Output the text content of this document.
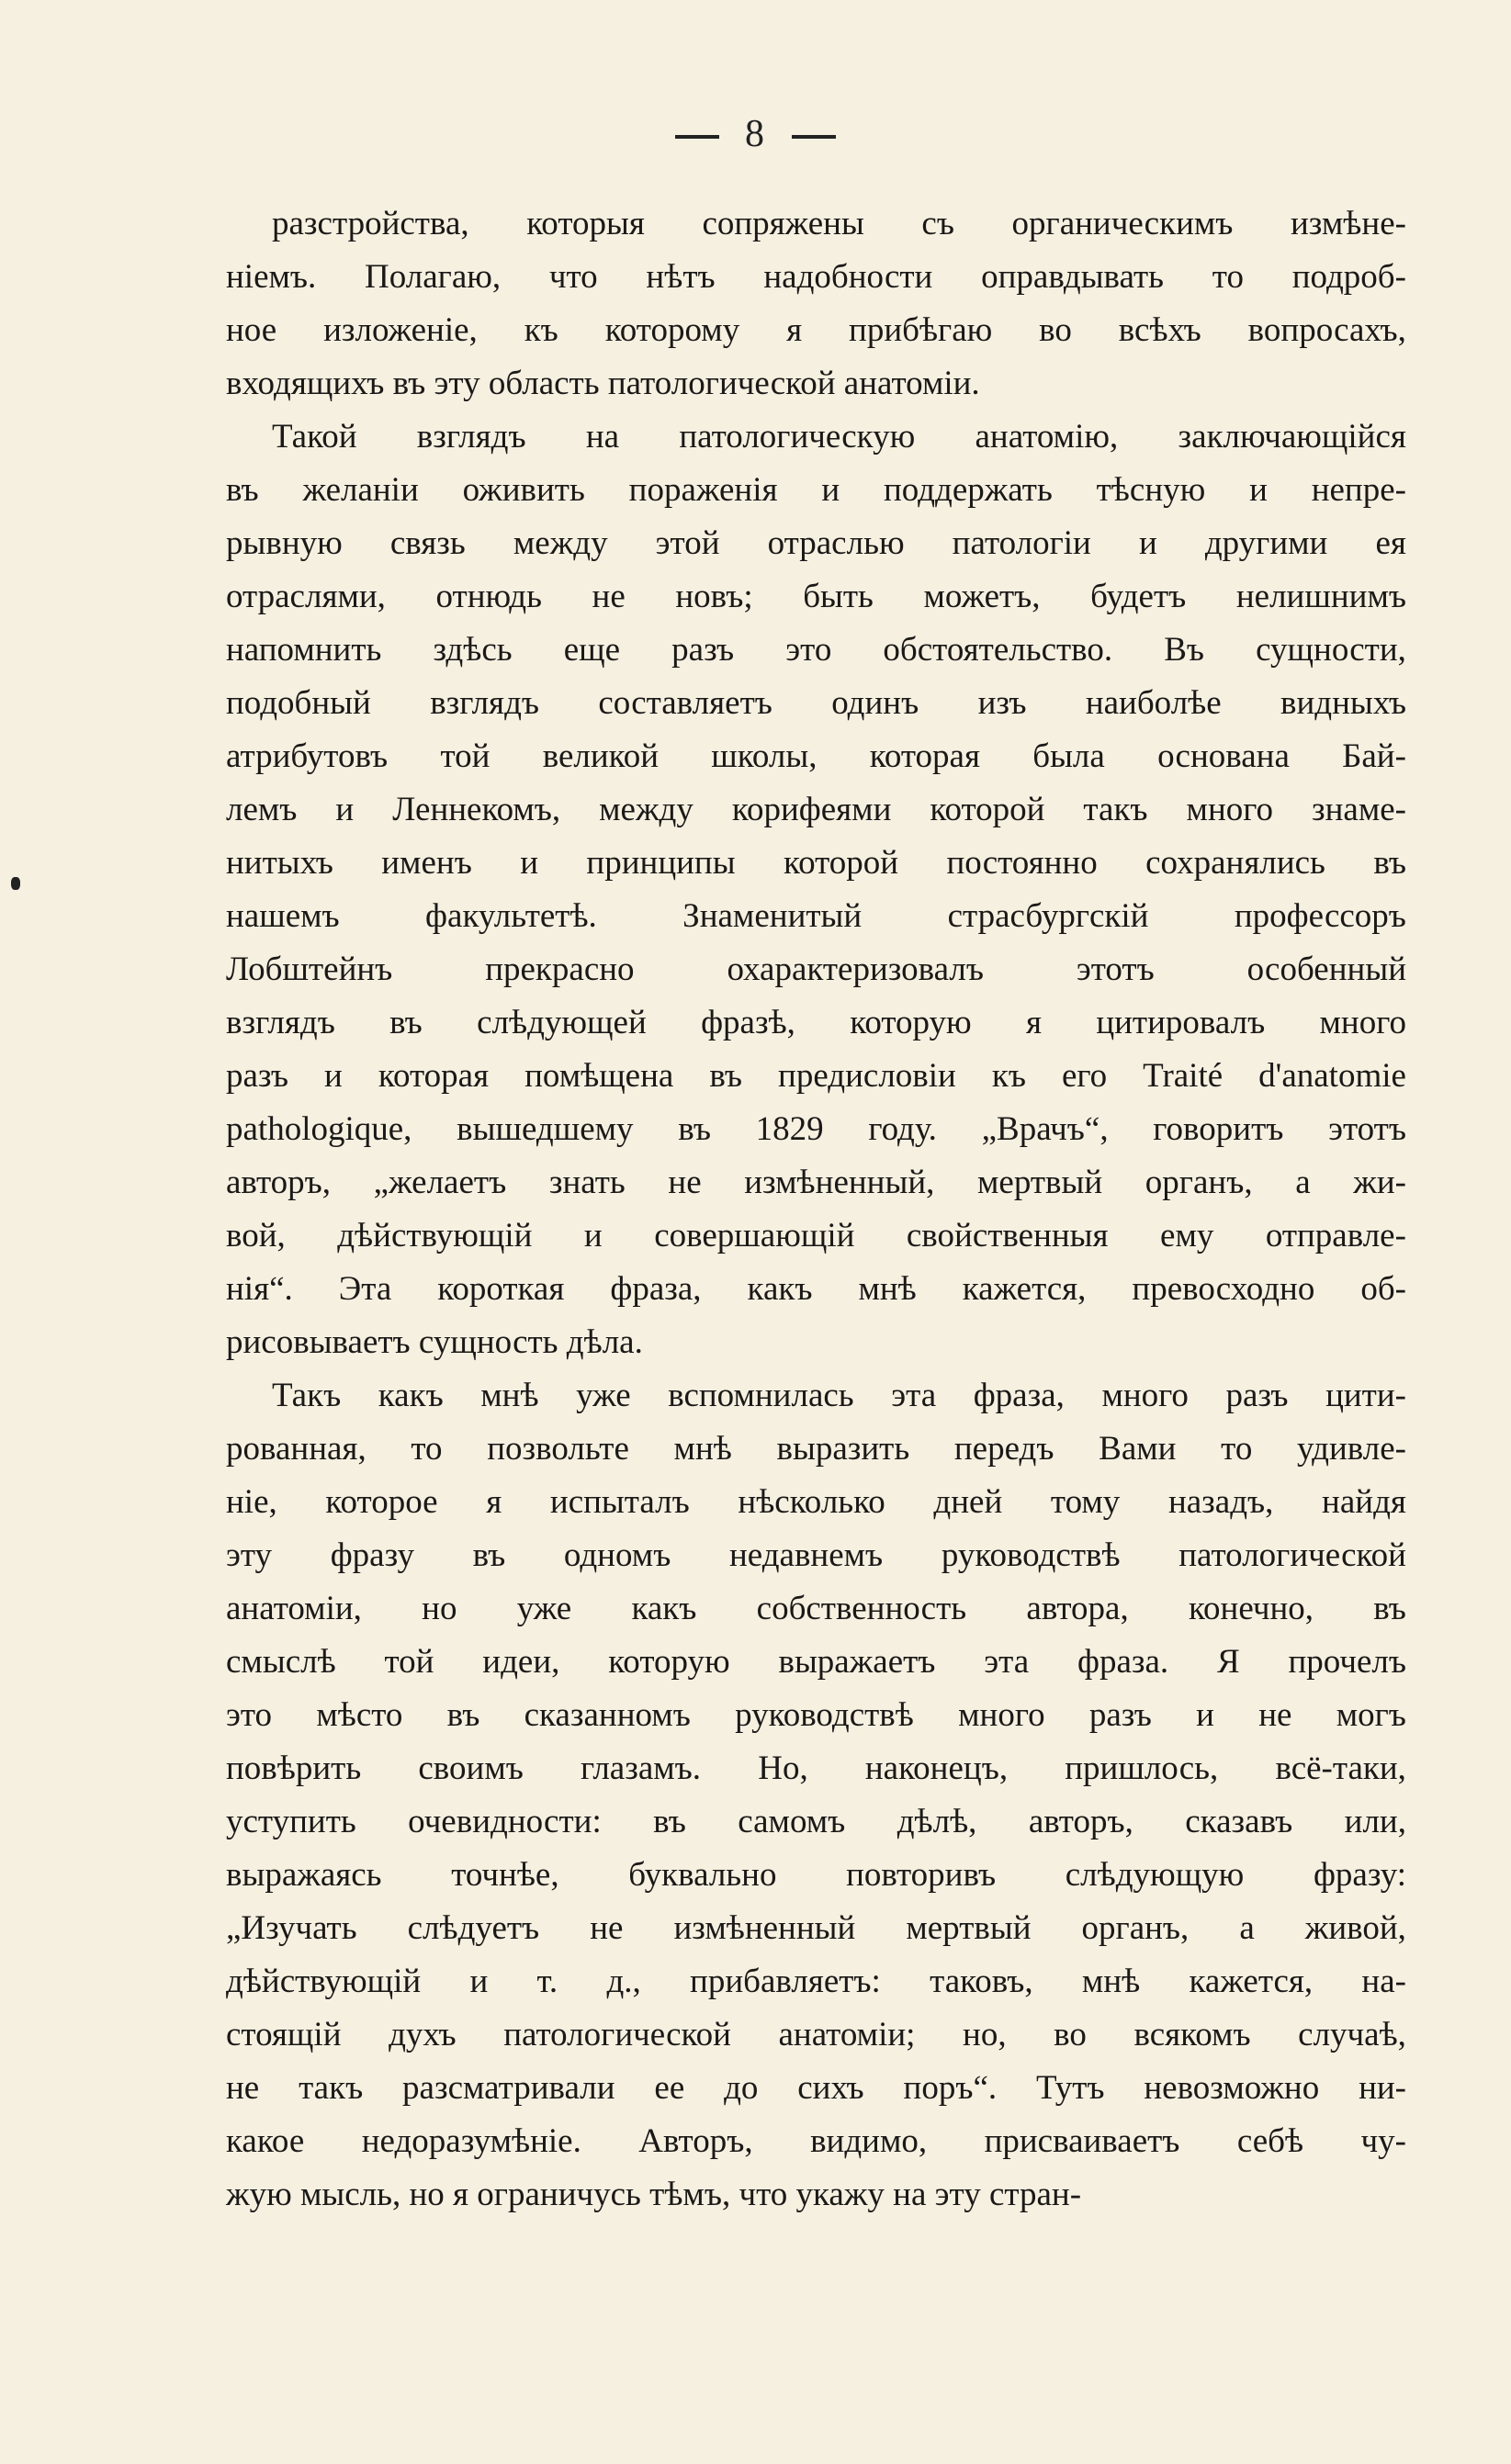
8
разстройства, которыя сопряжены съ органическимъ измѣне-
ніемъ. Полагаю, что нѣтъ надобности оправдывать то подроб-
ное изложеніе, къ которому я прибѣгаю во всѣхъ вопросахъ,
входящихъ въ эту область патологической анатоміи.
Такой взглядъ на патологическую анатомію, заключающійся
въ желаніи оживить пораженія и поддержать тѣсную и непре-
рывную связь между этой отраслью патологіи и другими ея
отраслями, отнюдь не новъ; быть можетъ, будетъ нелишнимъ
напомнить здѣсь еще разъ это обстоятельство. Въ сущности,
подобный взглядъ составляетъ одинъ изъ наиболѣе видныхъ
атрибутовъ той великой школы, которая была основана Бай-
лемъ и Леннекомъ, между корифеями которой такъ много знаме-
нитыхъ именъ и принципы которой постоянно сохранялись въ
нашемъ	факультетѣ.	Знаменитый	страсбургскій	профессоръ
Лобштейнъ	прекрасно	охарактеризовалъ	этотъ	особенный
взглядъ въ слѣдующей фразѣ, которую я цитировалъ много
разъ и которая помѣщена въ предисловіи къ его Traité d'anatomie
pathologique, вышедшему въ 1829 году. „Врачъ“, говоритъ этотъ
авторъ, „желаетъ знать не измѣненный, мертвый органъ, а жи-
вой, дѣйствующій и совершающій свойственныя ему отправле-
нія“. Эта короткая фраза, какъ мнѣ кажется, превосходно об-
рисовываетъ сущность дѣла.
Такъ какъ мнѣ уже вспомнилась эта фраза, много разъ цити-
рованная, то позвольте мнѣ выразить передъ Вами то удивле-
ніе, которое я испыталъ нѣсколько дней тому назадъ, найдя
эту фразу въ одномъ недавнемъ руководствѣ патологической
анатоміи, но уже какъ собственность автора, конечно, въ
смыслѣ той идеи, которую выражаетъ эта фраза. Я прочелъ
это мѣсто въ сказанномъ руководствѣ много разъ и не могъ
повѣрить своимъ глазамъ. Но, наконецъ, пришлось, всё-таки,
уступить очевидности: въ самомъ дѣлѣ, авторъ, сказавъ или,
выражаясь точнѣе, буквально повторивъ слѣдующую фразу:
„Изучать слѣдуетъ не измѣненный мертвый органъ, а живой,
дѣйствующій и т. д., прибавляетъ: таковъ, мнѣ кажется, на-
стоящій духъ патологической анатоміи; но, во всякомъ случаѣ,
не такъ разсматривали ее до сихъ поръ“. Тутъ невозможно ни-
какое недоразумѣніе. Авторъ, видимо, присваиваетъ себѣ чу-
жую мысль, но я ограничусь тѣмъ, что укажу на эту стран-
